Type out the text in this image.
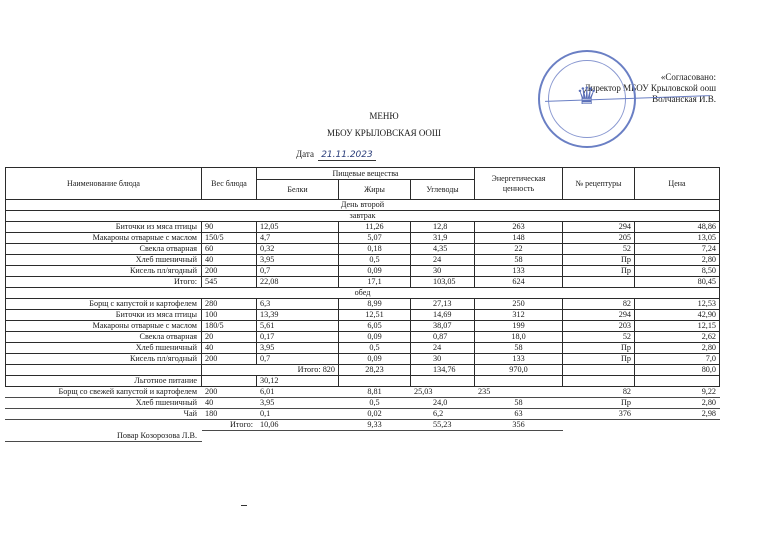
«Согласовано:
Директор МБОУ Крыловской оош
Волчанская И.В.
♛
МЕНЮ
МБОУ КРЫЛОВСКАЯ ООШ
Дата 21.11.2023
Наименование блюда	Вес блюда	Пищевые вещества			Энергетическая ценность	№ рецептуры	Цена
		Белки	Жиры	Углеводы			
День второй							
завтрак							
Биточки из мяса птицы	90	12,05	11,26	12,8	263	294	48,86
Макароны отварные с маслом	150/5	4,7	5,07	31,9	148	205	13,05
Свекла отварная	60	0,32	0,18	4,35	22	52	7,24
Хлеб пшеничный	40	3,95	0,5	24	58	Пр	2,80
Кисель пл/ягодный	200	0,7	0,09	30	133	Пр	8,50
Итого:	545	22,08	17,1	103,05	624		80,45
обед							
Борщ с капустой и картофелем	280	6,3	8,99	27,13	250	82	12,53
Биточки из мяса птицы	100	13,39	12,51	14,69	312	294	42,90
Макароны отварные с маслом	180/5	5,61	6,05	38,07	199	203	12,15
Свекла отварная	20	0,17	0,09	0,87	18,0	52	2,62
Хлеб пшеничный	40	3,95	0,5	24	58	Пр	2,80
Кисель пл/ягодный	200	0,7	0,09	30	133	Пр	7,0
	Итого: 820		28,23	134,76	970,0		80,0
Льготное питание		30,12					
Борщ со свежей капустой и картофелем	200	6,01	8,81	25,03	235	82	9,22
Хлеб пшеничный	40	3,95	0,5	24,0	58	Пр	2,80
Чай	180	0,1	0,02	6,2	63	376	2,98
	Итого:	10,06	9,33	55,23	356		
Повар Козорозова Л.В.							
